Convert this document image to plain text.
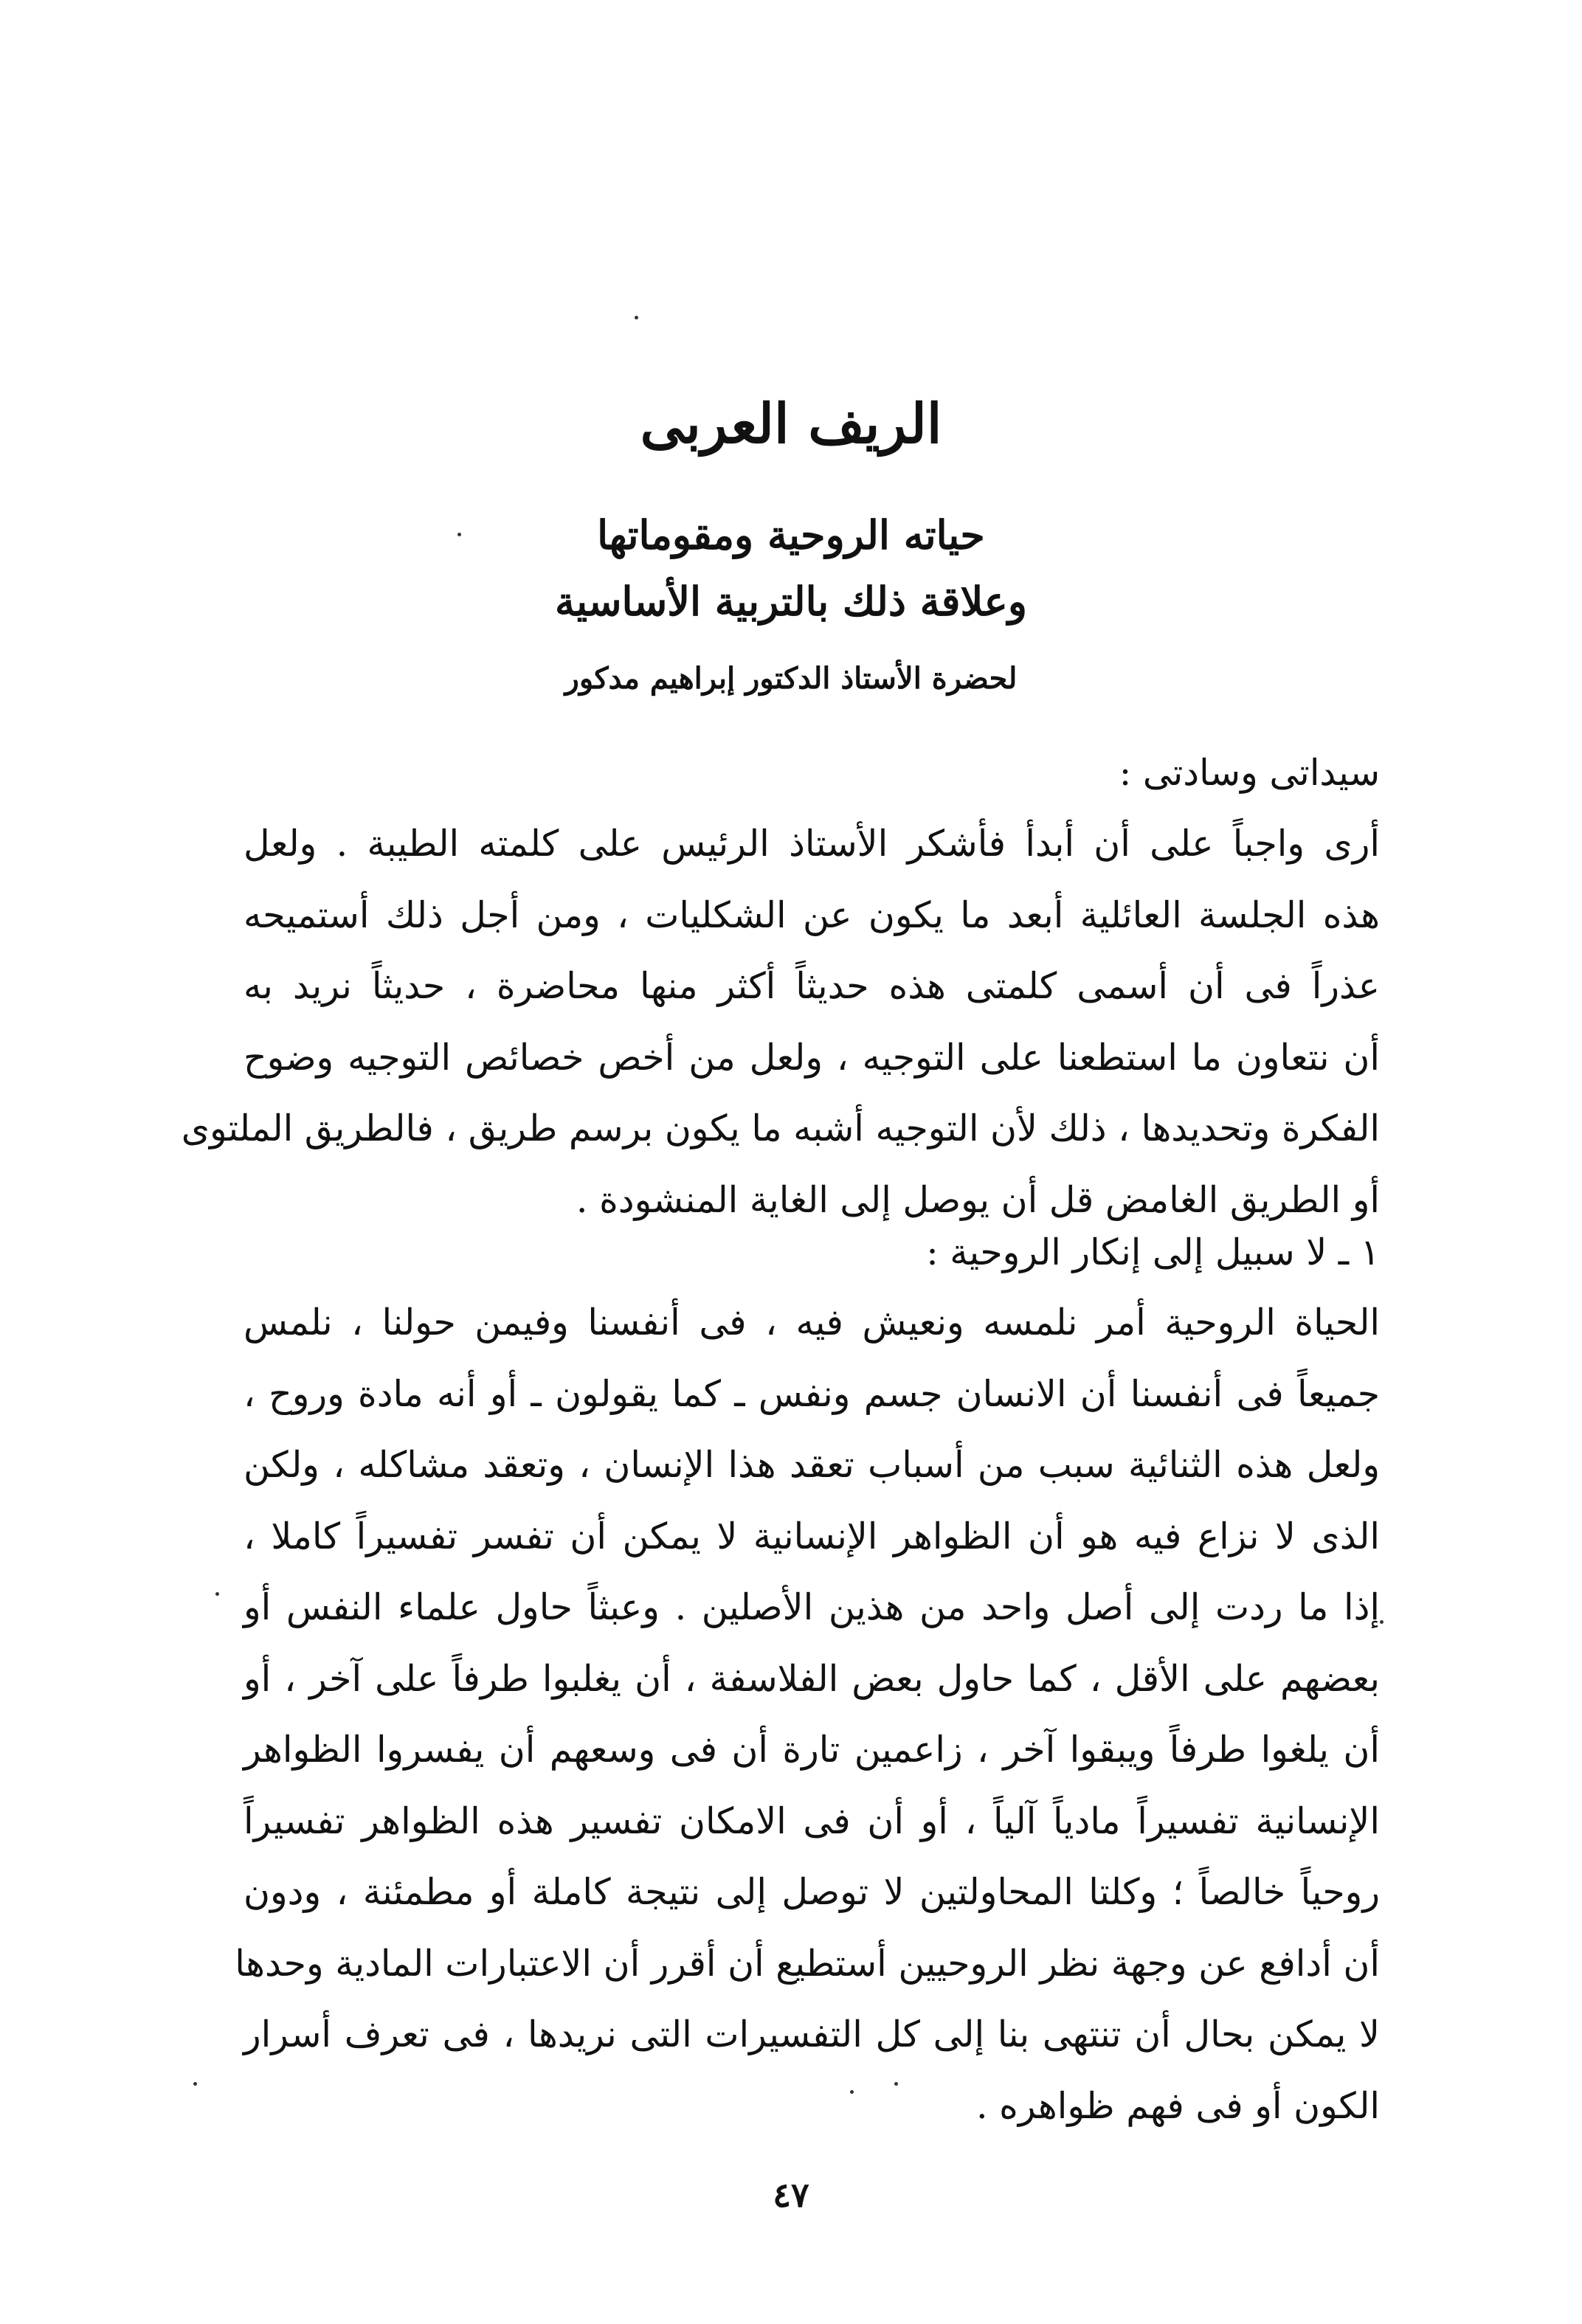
الريف العربى
حياته الروحية ومقوماتها
وعلاقة ذلك بالتربية الأساسية
لحضرة الأستاذ الدكتور إبراهيم مدكور
سيداتى وسادتى :
أرى واجباً على أن أبدأ فأشكر الأستاذ الرئيس على كلمته الطيبة . ولعل
هذه الجلسة العائلية أبعد ما يكون عن الشكليات ، ومن أجل ذلك أستميحه
عذراً فى أن أسمى كلمتى هذه حديثاً أكثر منها محاضرة ، حديثاً نريد به
أن نتعاون ما استطعنا على التوجيه ، ولعل من أخص خصائص التوجيه وضوح
الفكرة وتحديدها ، ذلك لأن التوجيه أشبه ما يكون برسم طريق ، فالطريق الملتوى
أو الطريق الغامض قل أن يوصل إلى الغاية المنشودة .
١ ـ لا سبيل إلى إنكار الروحية :
الحياة الروحية أمر نلمسه ونعيش فيه ، فى أنفسنا وفيمن حولنا ، نلمس
جميعاً فى أنفسنا أن الانسان جسم ونفس ـ كما يقولون ـ أو أنه مادة وروح ،
ولعل هذه الثنائية سبب من أسباب تعقد هذا الإنسان ، وتعقد مشاكله ، ولكن
الذى لا نزاع فيه هو أن الظواهر الإنسانية لا يمكن أن تفسر تفسيراً كاملا ،
إذا ما ردت إلى أصل واحد من هذين الأصلين . وعبثاً حاول علماء النفس أو
بعضهم على الأقل ، كما حاول بعض الفلاسفة ، أن يغلبوا طرفاً على آخر ، أو
أن يلغوا طرفاً ويبقوا آخر ، زاعمين تارة أن فى وسعهم أن يفسروا الظواهر
الإنسانية تفسيراً مادياً آلياً ، أو أن فى الامكان تفسير هذه الظواهر تفسيراً
روحياً خالصاً ؛ وكلتا المحاولتين لا توصل إلى نتيجة كاملة أو مطمئنة ، ودون
أن أدافع عن وجهة نظر الروحيين أستطيع أن أقرر أن الاعتبارات المادية وحدها
لا يمكن بحال أن تنتهى بنا إلى كل التفسيرات التى نريدها ، فى تعرف أسرار
الكون أو فى فهم ظواهره .
٤٧
